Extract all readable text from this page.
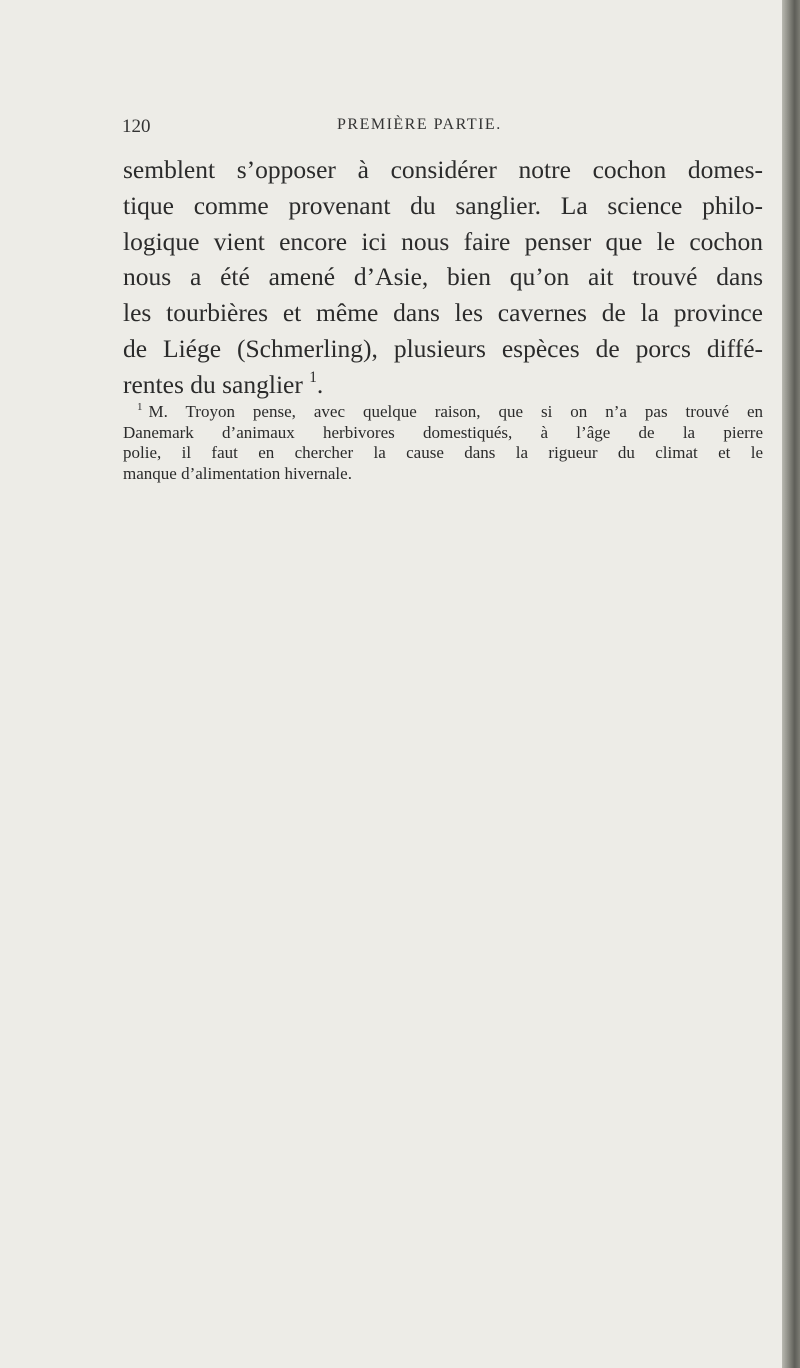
120	PREMIÈRE PARTIE.
semblent s’opposer à considérer notre cochon domes-
tique comme provenant du sanglier. La science philo-
logique vient encore ici nous faire penser que le cochon
nous a été amené d’Asie, bien qu’on ait trouvé dans
les tourbières et même dans les cavernes de la province
de Liége (Schmerling), plusieurs espèces de porcs diffé-
rentes du sanglier $^1$.
$^1$ M. Troyon pense, avec quelque raison, que si on n’a pas trouvé en
Danemark d’animaux herbivores domestiqués, à l’âge de la pierre
polie, il faut en chercher la cause dans la rigueur du climat et le
manque d’alimentation hivernale.
